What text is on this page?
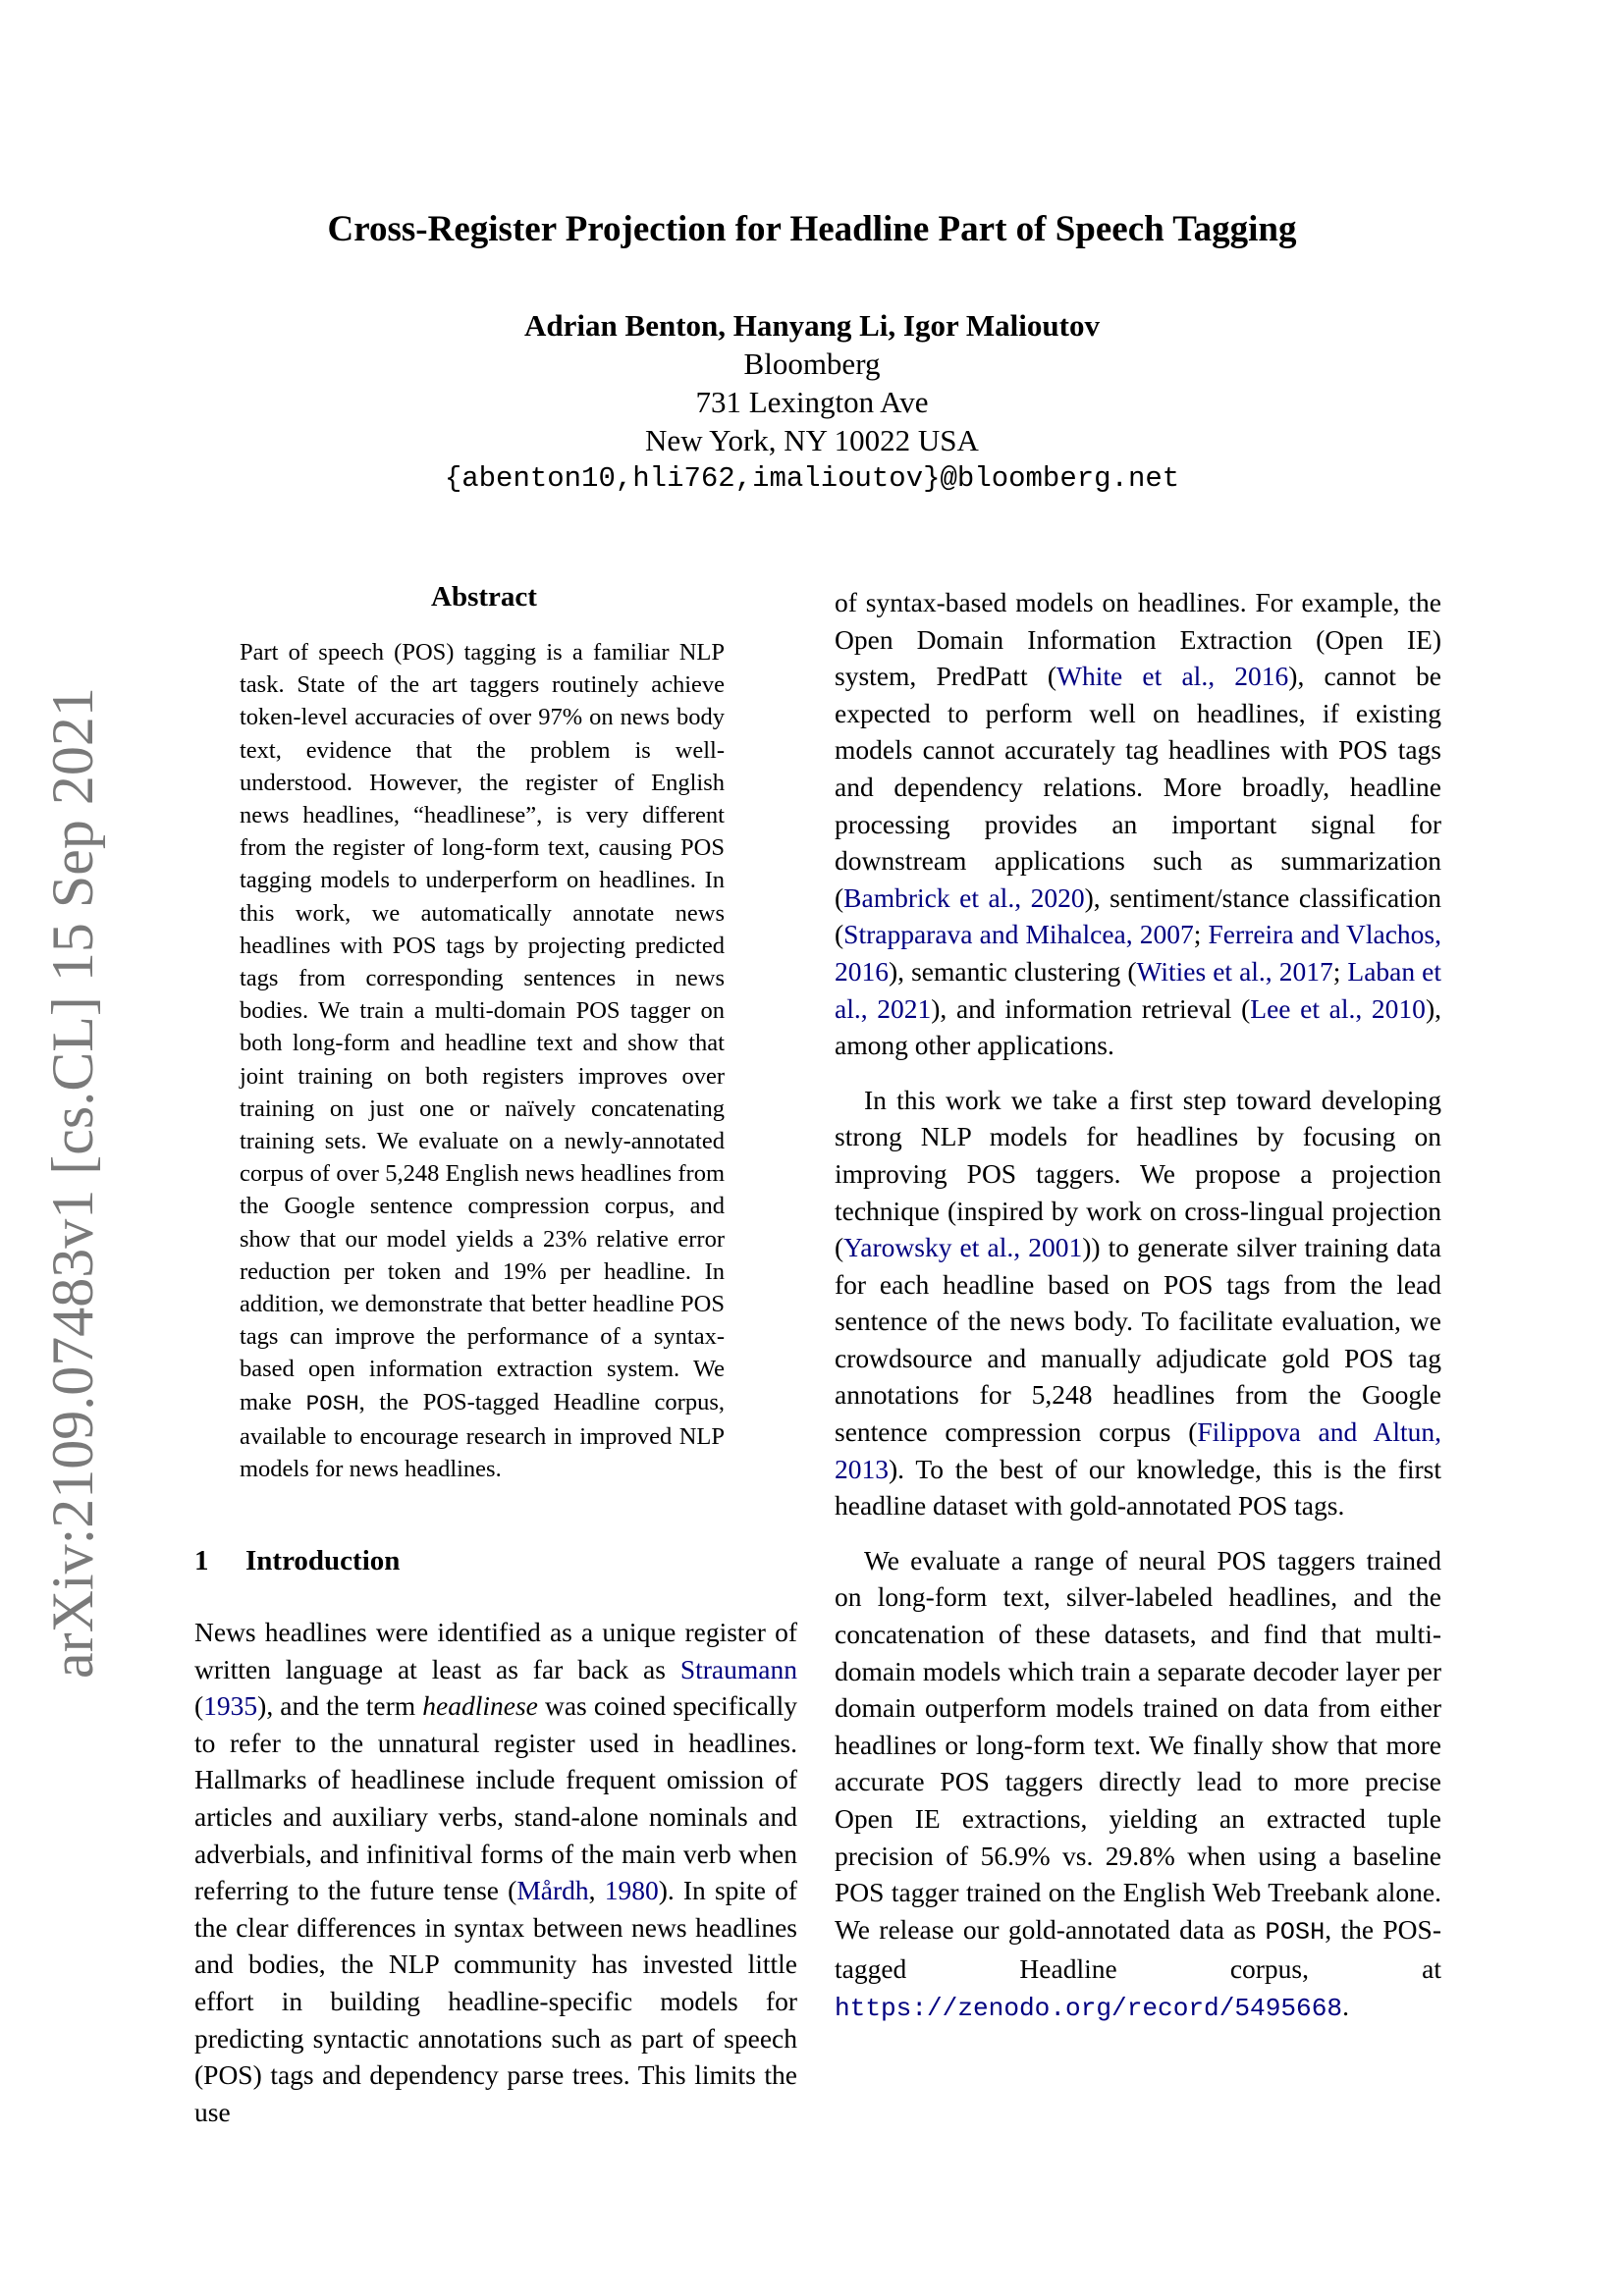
arXiv:2109.07483v1 [cs.CL] 15 Sep 2021
Cross-Register Projection for Headline Part of Speech Tagging
Adrian Benton, Hanyang Li, Igor Malioutov
Bloomberg
731 Lexington Ave
New York, NY 10022 USA
{abenton10,hli762,imalioutov}@bloomberg.net
Abstract

Part of speech (POS) tagging is a familiar NLP task. State of the art taggers routinely achieve token-level accuracies of over 97% on news body text, evidence that the problem is well-understood. However, the register of English news headlines, “headlinese”, is very different from the register of long-form text, causing POS tagging models to underperform on headlines. In this work, we automatically annotate news headlines with POS tags by projecting predicted tags from corresponding sentences in news bodies. We train a multi-domain POS tagger on both long-form and headline text and show that joint training on both registers improves over training on just one or naïvely concatenating training sets. We evaluate on a newly-annotated corpus of over 5,248 English news headlines from the Google sentence compression corpus, and show that our model yields a 23% relative error reduction per token and 19% per headline. In addition, we demonstrate that better headline POS tags can improve the performance of a syntax-based open information extraction system. We make POSH, the POS-tagged Headline corpus, available to encourage research in improved NLP models for news headlines.

1 Introduction

News headlines were identified as a unique register of written language at least as far back as Straumann (1935), and the term headlinese was coined specifically to refer to the unnatural register used in headlines. Hallmarks of headlinese include frequent omission of articles and auxiliary verbs, stand-alone nominals and adverbials, and infinitival forms of the main verb when referring to the future tense (Mårdh, 1980). In spite of the clear differences in syntax between news headlines and bodies, the NLP community has invested little effort in building headline-specific models for predicting syntactic annotations such as part of speech (POS) tags and dependency parse trees. This limits the use

of syntax-based models on headlines. For example, the Open Domain Information Extraction (Open IE) system, PredPatt (White et al., 2016), cannot be expected to perform well on headlines, if existing models cannot accurately tag headlines with POS tags and dependency relations. More broadly, headline processing provides an important signal for downstream applications such as summarization (Bambrick et al., 2020), sentiment/stance classification (Strapparava and Mihalcea, 2007; Ferreira and Vlachos, 2016), semantic clustering (Wities et al., 2017; Laban et al., 2021), and information retrieval (Lee et al., 2010), among other applications.

In this work we take a first step toward developing strong NLP models for headlines by focusing on improving POS taggers. We propose a projection technique (inspired by work on cross-lingual projection (Yarowsky et al., 2001)) to generate silver training data for each headline based on POS tags from the lead sentence of the news body. To facilitate evaluation, we crowdsource and manually adjudicate gold POS tag annotations for 5,248 headlines from the Google sentence compression corpus (Filippova and Altun, 2013). To the best of our knowledge, this is the first headline dataset with gold-annotated POS tags.

We evaluate a range of neural POS taggers trained on long-form text, silver-labeled headlines, and the concatenation of these datasets, and find that multi-domain models which train a separate decoder layer per domain outperform models trained on data from either headlines or long-form text. We finally show that more accurate POS taggers directly lead to more precise Open IE extractions, yielding an extracted tuple precision of 56.9% vs. 29.8% when using a baseline POS tagger trained on the English Web Treebank alone. We release our gold-annotated data as POSH, the POS-tagged Headline corpus, at https://zenodo.org/record/5495668.
